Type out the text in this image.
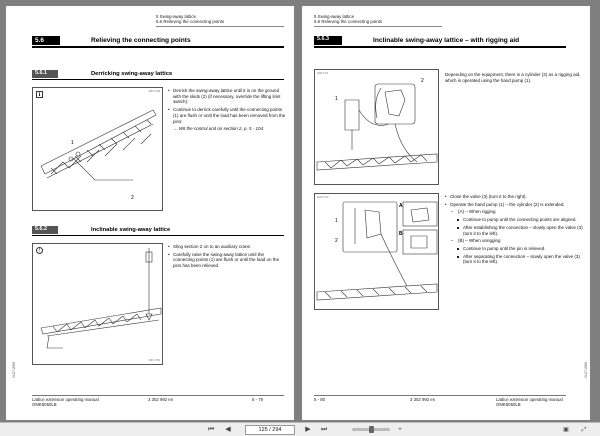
5 Swing-away lattice
5.6 Relieving the connecting points
5.6	Relieving the connecting points
5.6.1	Derricking swing-away lattice
3M4 1709
ℹ
1
2
• Derrick the swing-away lattice until it is on the ground with the skids (2) (if necessary, override the lifting limit switch).
• Continue to derrick carefully until the connecting points (1) are flush or until the load has been removed from the pins;
→ Wit the control unit on section 2, p. 5 - 104.
5.6.2	Inclinable swing-away lattice
3M4 1750
!
• Sling section 2 on to an auxiliary crane.
• Carefully raise the swing-away lattice until the connecting points (1) are flush or until the load on the pins has been relieved.
24.07.2008
Lattice extension operating manual
GMK5050LB
3 302 992 en	5 - 79
5 Swing-away lattice
5.6 Relieving the connecting points
5.6.3	Inclinable swing-away lattice – with rigging aid
3M4 1711
1
2
Depending on the equipment, there is a cylinder (2) as a rigging aid, which is operated using the hand pump (1).
3M4 1712
A
B
1
2
• Close the valve (3) (turn it to the right).
• Operate the hand pump (1) – the cylinder (2) is extended.
– (A) – When rigging
Continue to pump until the connecting points are aligned.
After establishing the connection – slowly open the valve (3) (turn it to the left).
– (B) – When unrigging
Continue to pump until the pin is relieved.
After separating the connection – slowly open the valve (3) (turn it to the left).
24.07.2008
5 - 80	3 302 992 en	Lattice extension operating manual
GMK5050LB
⏮	◀	125 / 294	▶	⏭	+	▣	⤢
